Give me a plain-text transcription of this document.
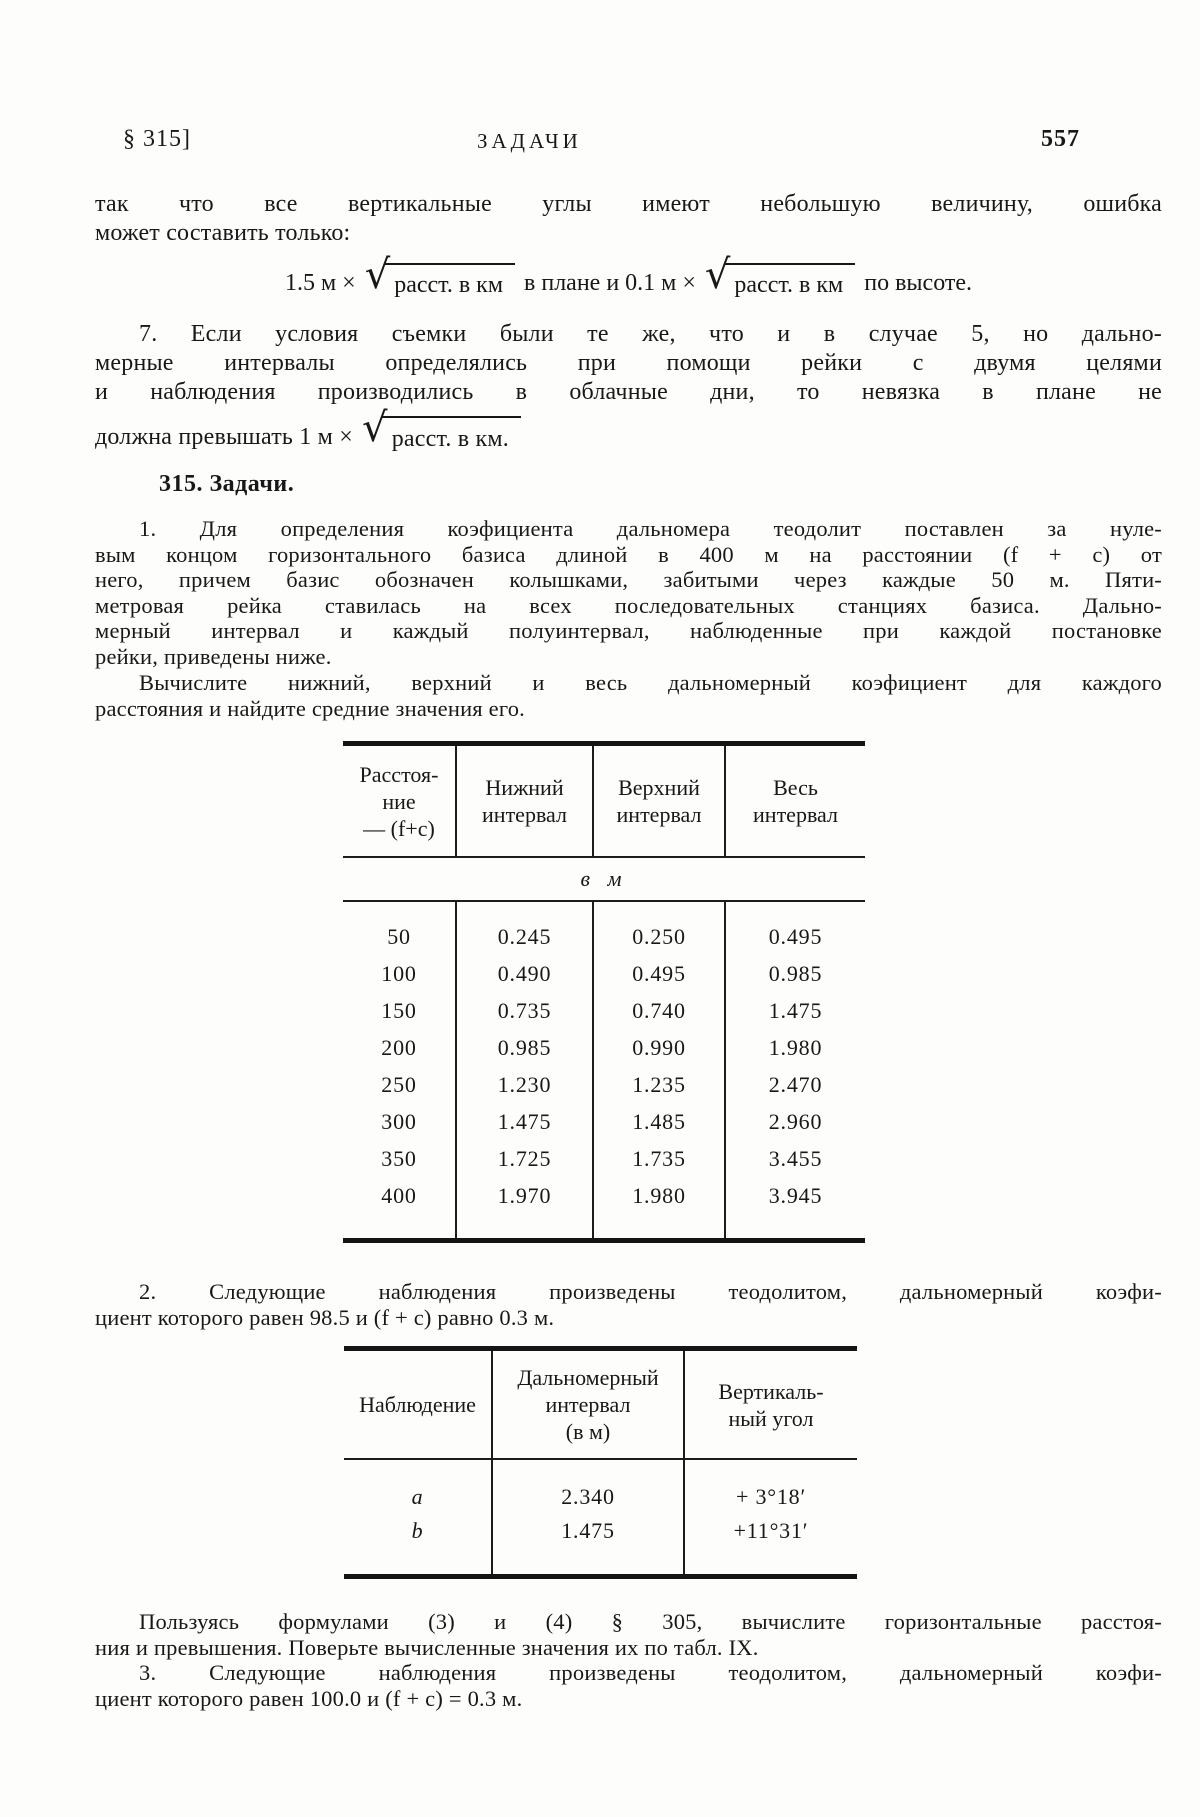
§ 315]	ЗАДАЧИ	557
так что все вертикальные углы имеют небольшую величину, ошибка
может составить только:
1.5 м × √ расст. в км в плане и 0.1 м × √ расст. в км по высоте.
7. Если условия съемки были те же, что и в случае 5, но дально-
мерные интервалы определялись при помощи рейки с двумя целями
и наблюдения производились в облачные дни, то невязка в плане не
должна превышать 1 м × √ расст. в км.
315. Задачи.
1. Для определения коэфициента дальномера теодолит поставлен за нуле-
вым концом горизонтального базиса длиной в 400 м на расстоянии (f + c) от
него, причем базис обозначен колышками, забитыми через каждые 50 м. Пяти-
метровая рейка ставилась на всех последовательных станциях базиса. Дально-
мерный интервал и каждый полуинтервал, наблюденные при каждой постановке
рейки, приведены ниже.
Вычислите нижний, верхний и весь дальномерный коэфициент для каждого
расстояния и найдите средние значения его.
Расстоя-
ние
— (f+c)
Нижний
интервал
Верхний
интервал
Весь
интервал
в м
50
100
150
200
250
300
350
400
0.245
0.490
0.735
0.985
1.230
1.475
1.725
1.970
0.250
0.495
0.740
0.990
1.235
1.485
1.735
1.980
0.495
0.985
1.475
1.980
2.470
2.960
3.455
3.945
2. Следующие наблюдения произведены теодолитом, дальномерный коэфи-
циент которого равен 98.5 и (f + c) равно 0.3 м.
Наблюдение
Дальномерный
интервал
(в м)
Вертикаль-
ный угол
a
b
2.340
1.475
+ 3°18′
+11°31′
Пользуясь формулами (3) и (4) § 305, вычислите горизонтальные расстоя-
ния и превышения. Поверьте вычисленные значения их по табл. IX.
3. Следующие наблюдения произведены теодолитом, дальномерный коэфи-
циент которого равен 100.0 и (f + c) = 0.3 м.
